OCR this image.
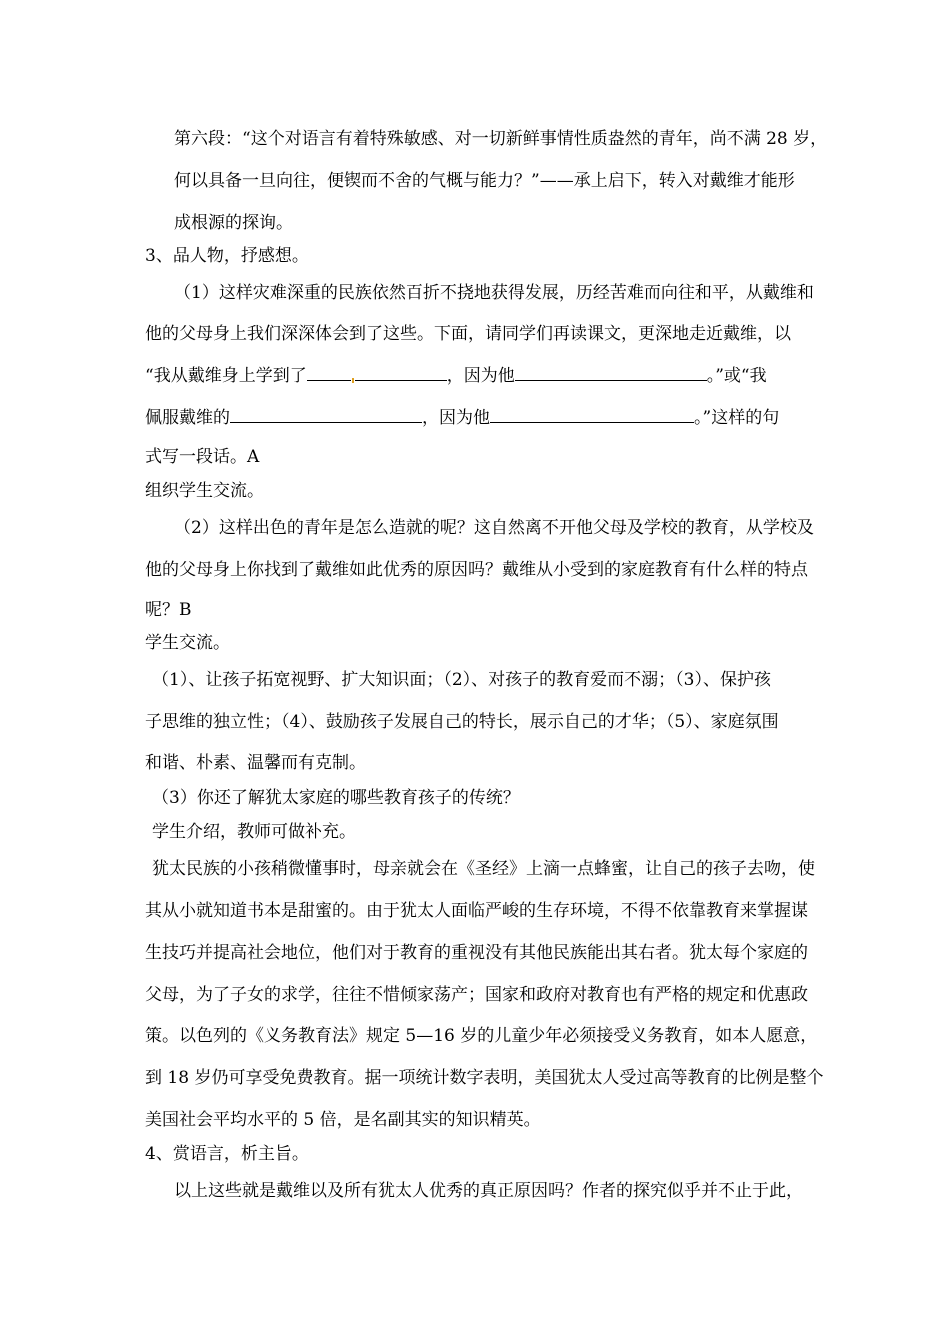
第六段：“这个对语言有着特殊敏感、对一切新鲜事情性质盎然的青年，尚不满 28 岁，
何以具备一旦向往，便锲而不舍的气概与能力？”——承上启下，转入对戴维才能形
成根源的探询。
3、品人物，抒感想。
（1）这样灾难深重的民族依然百折不挠地获得发展，历经苦难而向往和平，从戴维和
他的父母身上我们深深体会到了这些。下面，请同学们再读课文，更深地走近戴维，以
“我从戴维身上学到了	，因为他	。”或“我
佩服戴维的	，因为他	。”这样的句
式写一段话。A
组织学生交流。
（2）这样出色的青年是怎么造就的呢？这自然离不开他父母及学校的教育，从学校及
他的父母身上你找到了戴维如此优秀的原因吗？戴维从小受到的家庭教育有什么样的特点
呢？B
学生交流。
（1）、让孩子拓宽视野、扩大知识面；（2）、对孩子的教育爱而不溺；（3）、保护孩
子思维的独立性；（4）、鼓励孩子发展自己的特长，展示自己的才华；（5）、家庭氛围
和谐、朴素、温馨而有克制。
（3）你还了解犹太家庭的哪些教育孩子的传统？
学生介绍，教师可做补充。
犹太民族的小孩稍微懂事时，母亲就会在《圣经》上滴一点蜂蜜，让自己的孩子去吻，使
其从小就知道书本是甜蜜的。由于犹太人面临严峻的生存环境，不得不依靠教育来掌握谋
生技巧并提高社会地位，他们对于教育的重视没有其他民族能出其右者。犹太每个家庭的
父母，为了子女的求学，往往不惜倾家荡产；国家和政府对教育也有严格的规定和优惠政
策。以色列的《义务教育法》规定 5—16 岁的儿童少年必须接受义务教育，如本人愿意，
到 18 岁仍可享受免费教育。据一项统计数字表明，美国犹太人受过高等教育的比例是整个
美国社会平均水平的 5 倍，是名副其实的知识精英。
4、赏语言，析主旨。
以上这些就是戴维以及所有犹太人优秀的真正原因吗？作者的探究似乎并不止于此，
